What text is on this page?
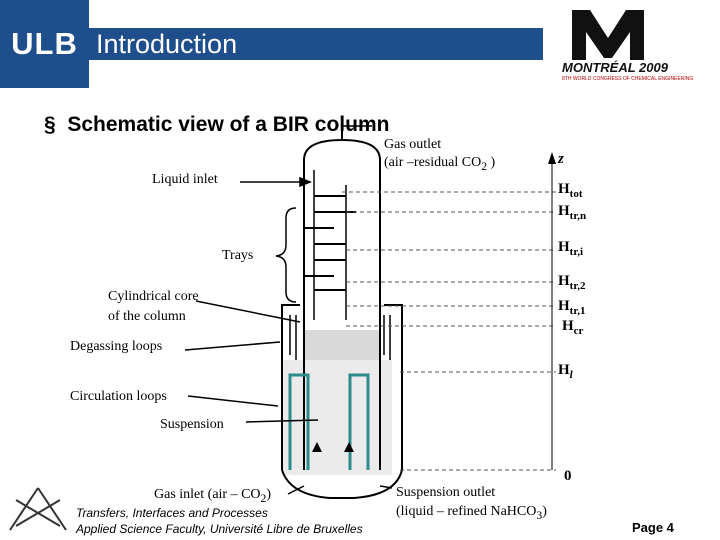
ULB Introduction
MONTRÉAL 2009
8TH WORLD CONGRESS OF CHEMICAL ENGINEERING
§ Schematic view of a BIR column
Gas outlet
(air –residual $CO_2$ )
Liquid inlet
Trays
Cylindrical core
of the column
Degassing loops
Circulation loops
Suspension
Gas inlet $(air - CO_2)$	Suspension outlet
(liquid – refined NaHCO$_3$)
z
$H_{tot}$
$H_{tr,n}$
$H_{tr,i}$
$H_{tr,2}$
$H_{tr,1}$
$H_{cr}$
$H_l$
0
Transfers, Interfaces and Processes
Applied Science Faculty, Université Libre de Bruxelles	Page 4
